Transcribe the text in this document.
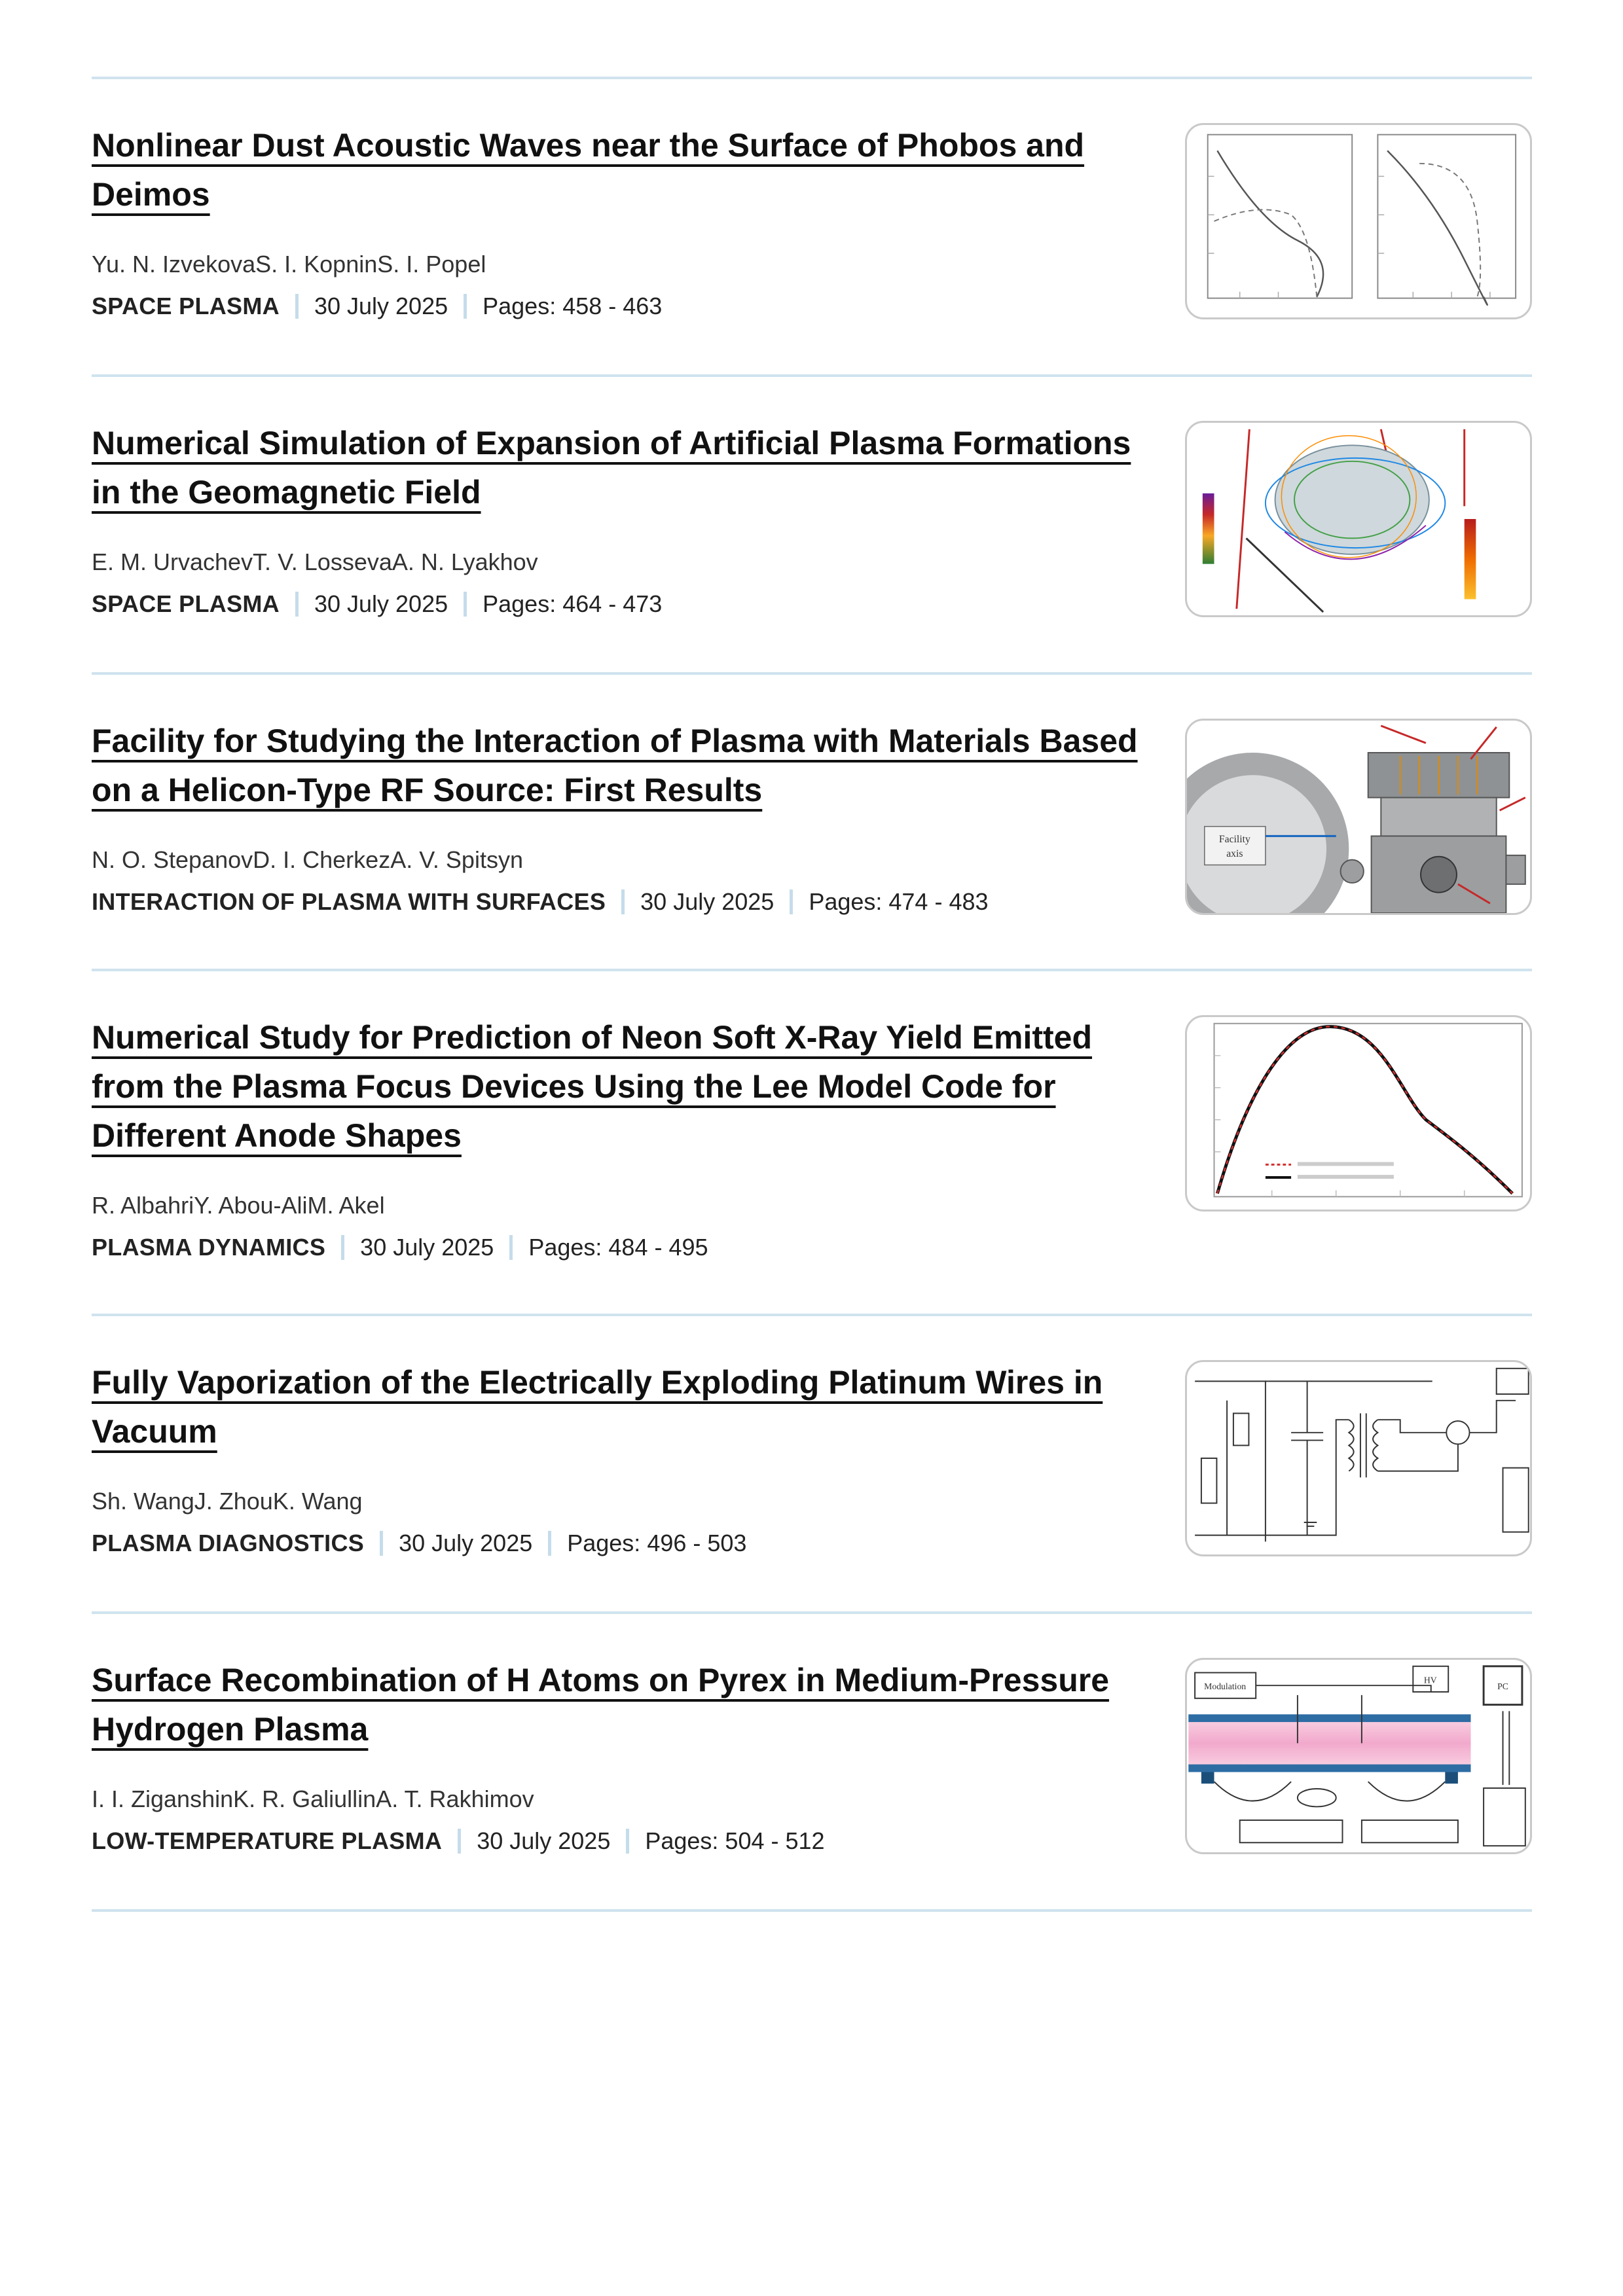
Nonlinear Dust Acoustic Waves near the Surface of Phobos and Deimos
Yu. N. IzvekovaS. I. KopninS. I. Popel
SPACE PLASMA 30 July 2025 Pages: 458 - 463
Numerical Simulation of Expansion of Artificial Plasma Formations in the Geomagnetic Field
E. M. UrvachevT. V. LossevaA. N. Lyakhov
SPACE PLASMA 30 July 2025 Pages: 464 - 473
Facility for Studying the Interaction of Plasma with Materials Based on a Helicon-Type RF Source: First Results
N. O. StepanovD. I. CherkezA. V. Spitsyn
INTERACTION OF PLASMA WITH SURFACES 30 July 2025 Pages: 474 - 483
Facility
axis
Numerical Study for Prediction of Neon Soft X-Ray Yield Emitted from the Plasma Focus Devices Using the Lee Model Code for Different Anode Shapes
R. AlbahriY. Abou-AliM. Akel
PLASMA DYNAMICS 30 July 2025 Pages: 484 - 495
Fully Vaporization of the Electrically Exploding Platinum Wires in Vacuum
Sh. WangJ. ZhouK. Wang
PLASMA DIAGNOSTICS 30 July 2025 Pages: 496 - 503
Surface Recombination of H Atoms on Pyrex in Medium-Pressure Hydrogen Plasma
I. I. ZiganshinK. R. GaliullinA. T. Rakhimov
LOW-TEMPERATURE PLASMA 30 July 2025 Pages: 504 - 512
Modulation
HV
PC
